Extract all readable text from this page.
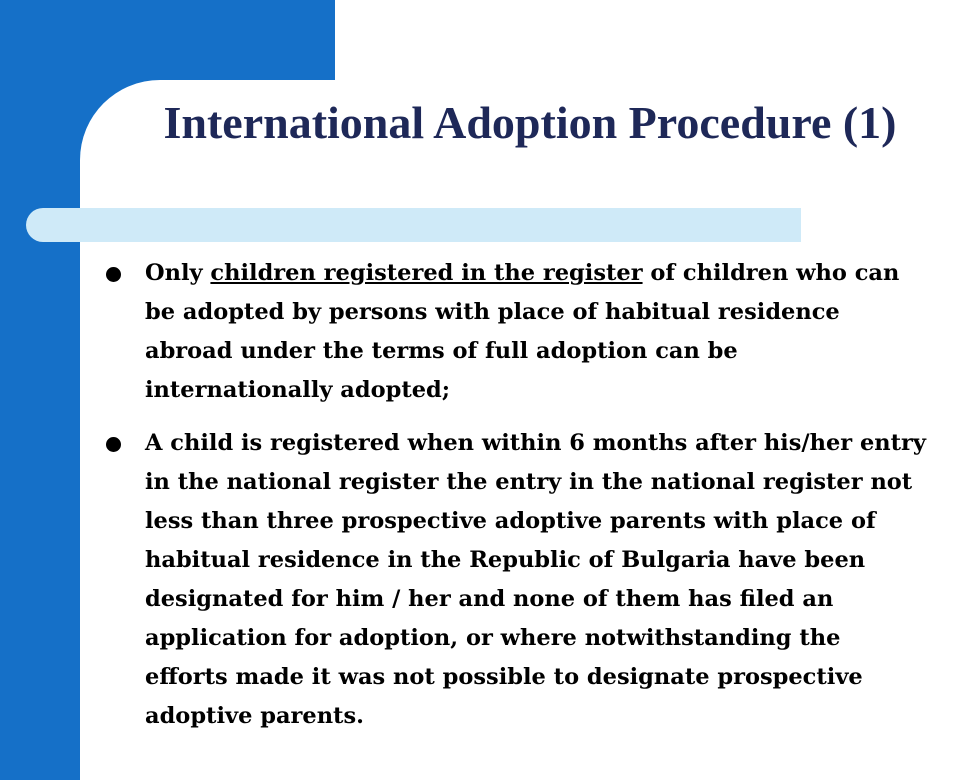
International Adoption Procedure (1)
Only children registered in the register of children who can be adopted by persons with place of habitual residence abroad under the terms of full adoption can be internationally adopted;
A child is registered when within 6 months after his/her entry in the national register the entry in the national register not less than three prospective adoptive parents with place of habitual residence in the Republic of Bulgaria have been designated for him / her and none of them has filed an application for adoption, or where notwithstanding the efforts made it was not possible to designate prospective adoptive parents.
